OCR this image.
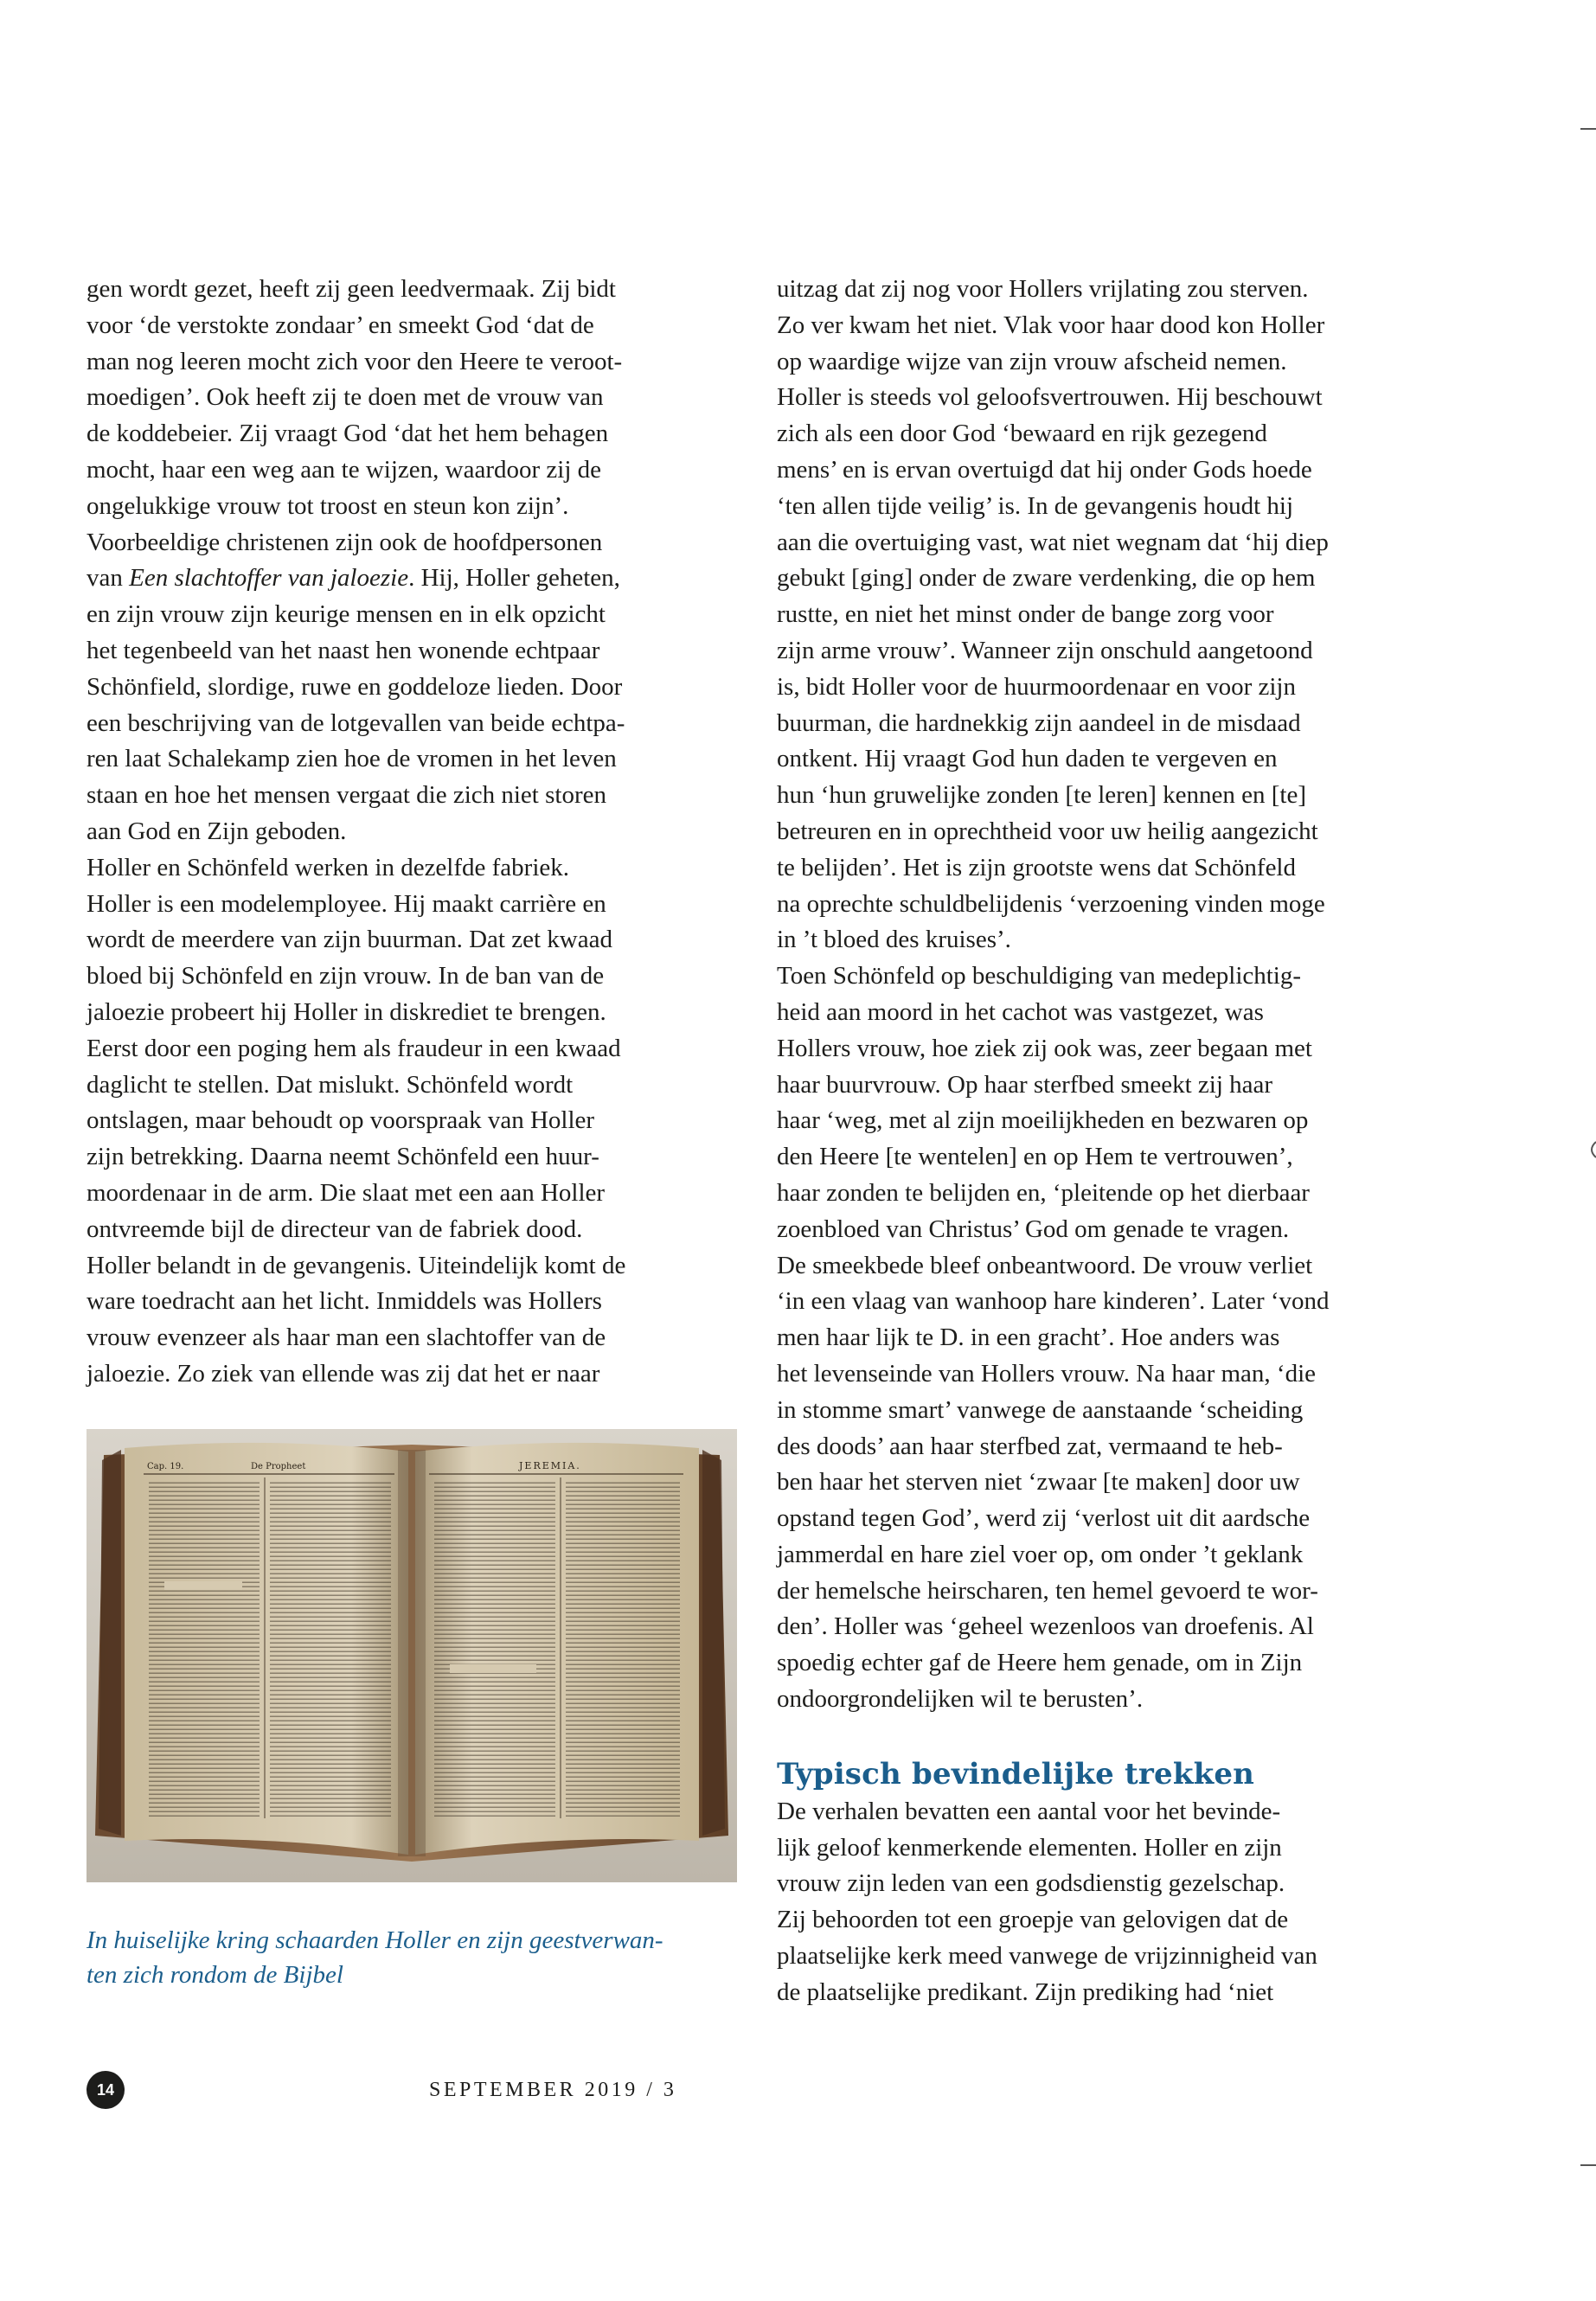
gen wordt gezet, heeft zij geen leedvermaak. Zij bidt
voor ‘de verstokte zondaar’ en smeekt God ‘dat de
man nog leeren mocht zich voor den Heere te veroot-
moedigen’. Ook heeft zij te doen met de vrouw van
de koddebeier. Zij vraagt God ‘dat het hem behagen
mocht, haar een weg aan te wijzen, waardoor zij de
ongelukkige vrouw tot troost en steun kon zijn’.

Voorbeeldige christenen zijn ook de hoofdpersonen
van Een slachtoffer van jaloezie. Hij, Holler geheten,
en zijn vrouw zijn keurige mensen en in elk opzicht
het tegenbeeld van het naast hen wonende echtpaar
Schönfield, slordige, ruwe en goddeloze lieden. Door
een beschrijving van de lotgevallen van beide echtpa-
ren laat Schalekamp zien hoe de vromen in het leven
staan en hoe het mensen vergaat die zich niet storen
aan God en Zijn geboden.

Holler en Schönfeld werken in dezelfde fabriek.
Holler is een modelemployee. Hij maakt carrière en
wordt de meerdere van zijn buurman. Dat zet kwaad
bloed bij Schönfeld en zijn vrouw. In de ban van de
jaloezie probeert hij Holler in diskrediet te brengen.
Eerst door een poging hem als fraudeur in een kwaad
daglicht te stellen. Dat mislukt. Schönfeld wordt
ontslagen, maar behoudt op voorspraak van Holler
zijn betrekking. Daarna neemt Schönfeld een huur-
moordenaar in de arm. Die slaat met een aan Holler
ontvreemde bijl de directeur van de fabriek dood.
Holler belandt in de gevangenis. Uiteindelijk komt de
ware toedracht aan het licht. Inmiddels was Hollers
vrouw evenzeer als haar man een slachtoffer van de
jaloezie. Zo ziek van ellende was zij dat het er naar

uitzag dat zij nog voor Hollers vrijlating zou sterven.
Zo ver kwam het niet. Vlak voor haar dood kon Holler
op waardige wijze van zijn vrouw afscheid nemen.
Holler is steeds vol geloofsvertrouwen. Hij beschouwt
zich als een door God ‘bewaard en rijk gezegend
mens’ en is ervan overtuigd dat hij onder Gods hoede
‘ten allen tijde veilig’ is. In de gevangenis houdt hij
aan die overtuiging vast, wat niet wegnam dat ‘hij diep
gebukt [ging] onder de zware verdenking, die op hem
rustte, en niet het minst onder de bange zorg voor
zijn arme vrouw’. Wanneer zijn onschuld aangetoond
is, bidt Holler voor de huurmoordenaar en voor zijn
buurman, die hardnekkig zijn aandeel in de misdaad
ontkent. Hij vraagt God hun daden te vergeven en
hun ‘hun gruwelijke zonden [te leren] kennen en [te]
betreuren en in oprechtheid voor uw heilig aangezicht
te belijden’. Het is zijn grootste wens dat Schönfeld
na oprechte schuldbelijdenis ‘verzoening vinden moge
in ’t bloed des kruises’.

Toen Schönfeld op beschuldiging van medeplichtig-
heid aan moord in het cachot was vastgezet, was
Hollers vrouw, hoe ziek zij ook was, zeer begaan met
haar buurvrouw. Op haar sterfbed smeekt zij haar
haar ‘weg, met al zijn moeilijkheden en bezwaren op
den Heere [te wentelen] en op Hem te vertrouwen’,
haar zonden te belijden en, ‘pleitende op het dierbaar
zoenbloed van Christus’ God om genade te vragen.
De smeekbede bleef onbeantwoord. De vrouw verliet
‘in een vlaag van wanhoop hare kinderen’. Later ‘vond
men haar lijk te D. in een gracht’. Hoe anders was
het levenseinde van Hollers vrouw. Na haar man, ‘die
in stomme smart’ vanwege de aanstaande ‘scheiding
des doods’ aan haar sterfbed zat, vermaand te heb-
ben haar het sterven niet ‘zwaar [te maken] door uw
opstand tegen God’, werd zij ‘verlost uit dit aardsche
jammerdal en hare ziel voer op, om onder ’t geklank
der hemelsche heirscharen, ten hemel gevoerd te wor-
den’. Holler was ‘geheel wezenloos van droefenis. Al
spoedig echter gaf de Heere hem genade, om in Zijn
ondoorgrondelijken wil te berusten’.

Typisch bevindelijke trekken

De verhalen bevatten een aantal voor het bevinde-
lijk geloof kenmerkende elementen. Holler en zijn
vrouw zijn leden van een godsdienstig gezelschap.
Zij behoorden tot een groepje van gelovigen dat de
plaatselijke kerk meed vanwege de vrijzinnigheid van
de plaatselijke predikant. Zijn prediking had ‘niet

Cap. 19.	De Propheet	JEREMIA.

In huiselijke kring schaarden Holler en zijn geestverwan-
ten zich rondom de Bijbel

14	SEPTEMBER 2019 / 3
